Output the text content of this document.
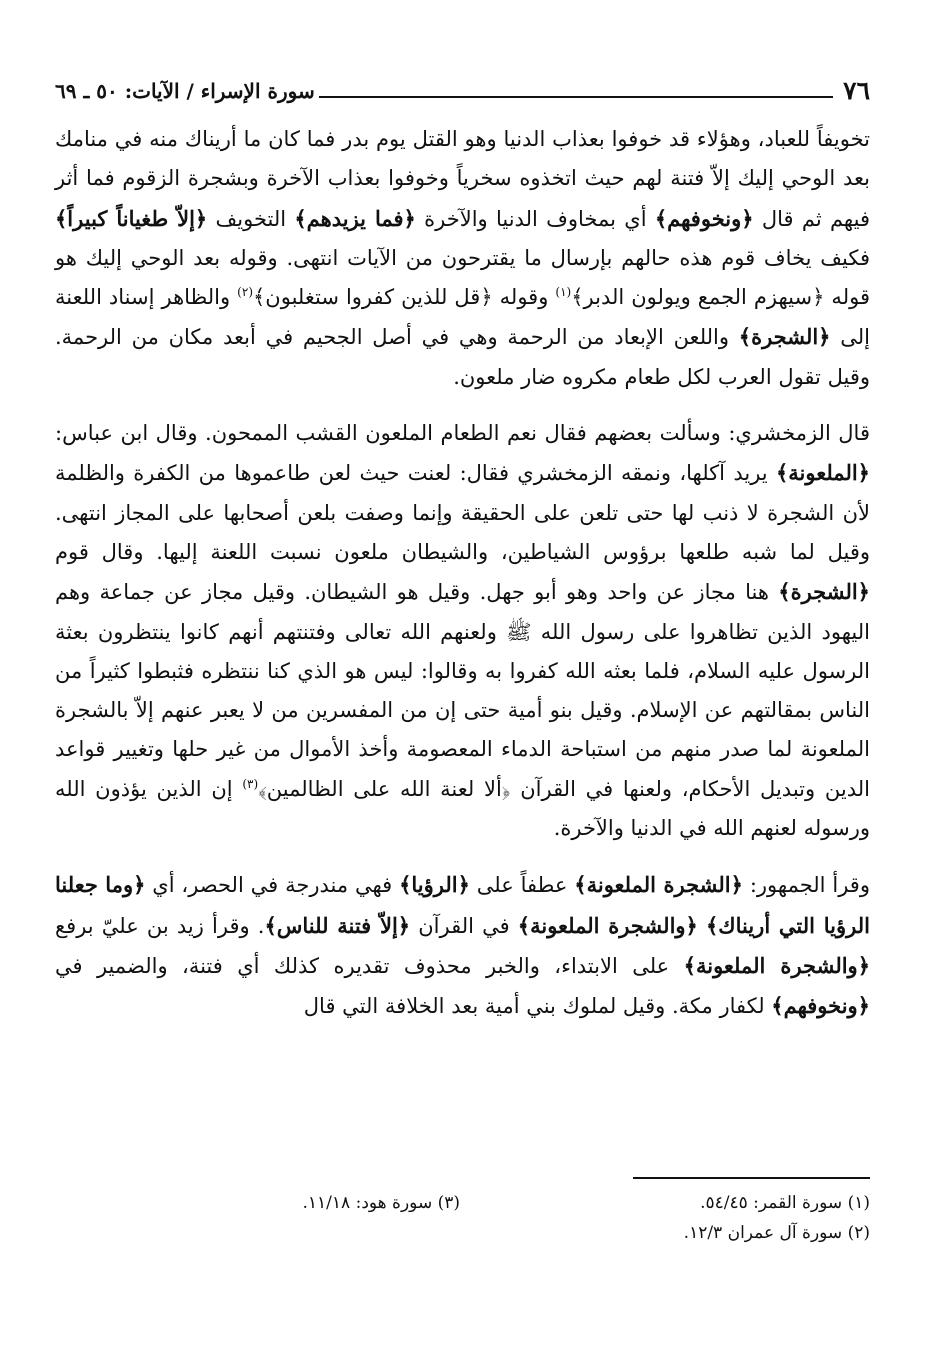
٧٦
سورة الإسراء / الآيات: ٥٠ ـ ٦٩

تخويفاً للعباد، وهؤلاء قد خوفوا بعذاب الدنيا وهو القتل يوم بدر فما كان ما أريناك منه في منامك بعد الوحي إليك إلاّ فتنة لهم حيث اتخذوه سخرياً وخوفوا بعذاب الآخرة وبشجرة الزقوم فما أثر فيهم ثم قال ﴿ونخوفهم﴾ أي بمخاوف الدنيا والآخرة ﴿فما يزيدهم﴾ التخويف ﴿إلاّ طغياناً كبيراً﴾ فكيف يخاف قوم هذه حالهم بإرسال ما يقترحون من الآيات انتهى. وقوله بعد الوحي إليك هو قوله ﴿سيهزم الجمع ويولون الدبر﴾$^{(١)}$ وقوله ﴿قل للذين كفروا ستغلبون﴾$^{(٢)}$ والظاهر إسناد اللعنة إلى ﴿الشجرة﴾ واللعن الإبعاد من الرحمة وهي في أصل الجحيم في أبعد مكان من الرحمة. وقيل تقول العرب لكل طعام مكروه ضار ملعون.

قال الزمخشري: وسألت بعضهم فقال نعم الطعام الملعون القشب الممحون. وقال ابن عباس: ﴿الملعونة﴾ يريد آكلها، ونمقه الزمخشري فقال: لعنت حيث لعن طاعموها من الكفرة والظلمة لأن الشجرة لا ذنب لها حتى تلعن على الحقيقة وإنما وصفت بلعن أصحابها على المجاز انتهى. وقيل لما شبه طلعها برؤوس الشياطين، والشيطان ملعون نسبت اللعنة إليها. وقال قوم ﴿الشجرة﴾ هنا مجاز عن واحد وهو أبو جهل. وقيل هو الشيطان. وقيل مجاز عن جماعة وهم اليهود الذين تظاهروا على رسول الله ﷺ ولعنهم الله تعالى وفتنتهم أنهم كانوا ينتظرون بعثة الرسول عليه السلام، فلما بعثه الله كفروا به وقالوا: ليس هو الذي كنا ننتظره فثبطوا كثيراً من الناس بمقالتهم عن الإسلام. وقيل بنو أمية حتى إن من المفسرين من لا يعبر عنهم إلاّ بالشجرة الملعونة لما صدر منهم من استباحة الدماء المعصومة وأخذ الأموال من غير حلها وتغيير قواعد الدين وتبديل الأحكام، ولعنها في القرآن ﴿ألا لعنة الله على الظالمين﴾$^{(٣)}$ إن الذين يؤذون الله ورسوله لعنهم الله في الدنيا والآخرة.

وقرأ الجمهور: ﴿الشجرة الملعونة﴾ عطفاً على ﴿الرؤيا﴾ فهي مندرجة في الحصر، أي ﴿وما جعلنا الرؤيا التي أريناك﴾ ﴿والشجرة الملعونة﴾ في القرآن ﴿إلاّ فتنة للناس﴾. وقرأ زيد بن عليّ برفع ﴿والشجرة الملعونة﴾ على الابتداء، والخبر محذوف تقديره كذلك أي فتنة، والضمير في ﴿ونخوفهم﴾ لكفار مكة. وقيل لملوك بني أمية بعد الخلافة التي قال

(١) سورة القمر: ٥٤/٤٥.
(٣) سورة هود: ١١/١٨.
(٢) سورة آل عمران ١٢/٣.
